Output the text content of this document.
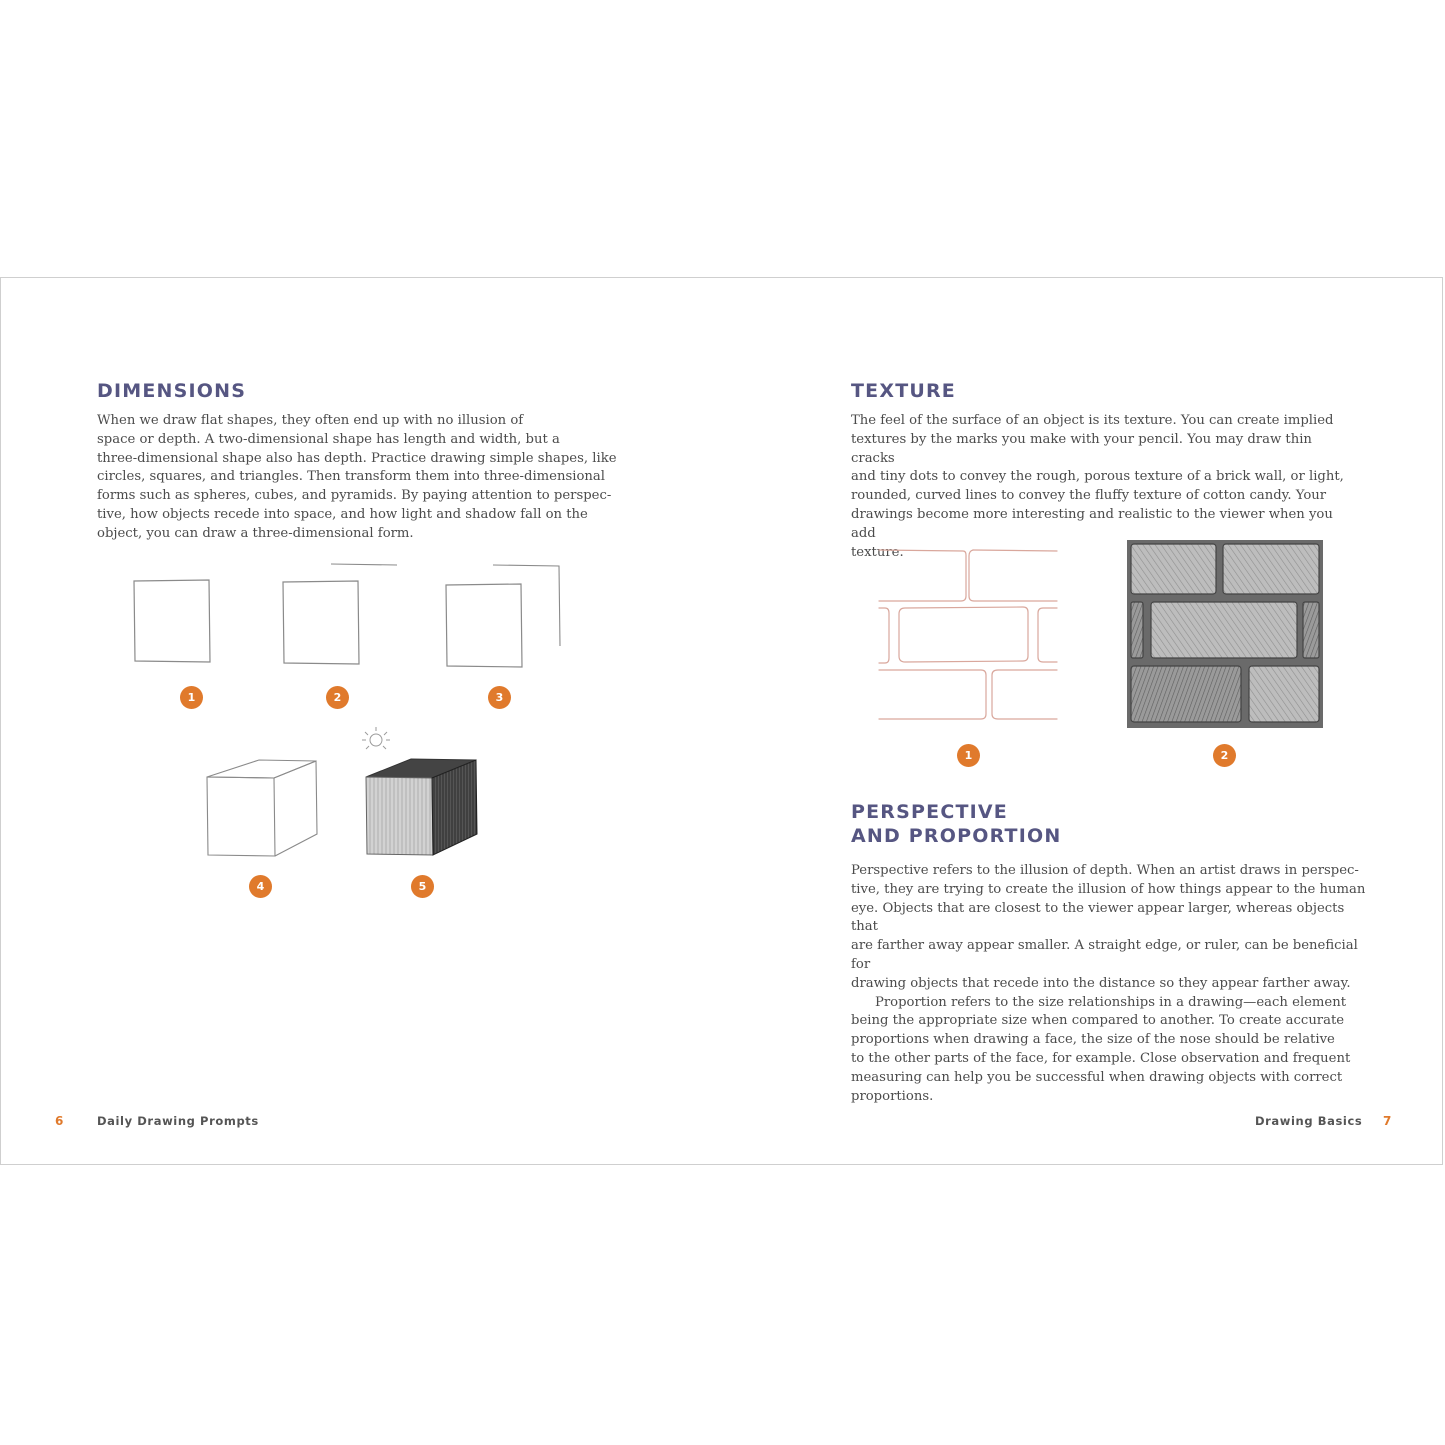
DIMENSIONS

When we draw flat shapes, they often end up with no illusion of

space or depth. A two-dimensional shape has length and width, but a

three-dimensional shape also has depth. Practice drawing simple shapes, like

circles, squares, and triangles. Then transform them into three-dimensional

forms such as spheres, cubes, and pyramids. By paying attention to perspec-

tive, how objects recede into space, and how light and shadow fall on the

object, you can draw a three-dimensional form.

1	2	3
4	5
6	Daily Drawing Prompts
TEXTURE

The feel of the surface of an object is its texture. You can create implied

textures by the marks you make with your pencil. You may draw thin cracks

and tiny dots to convey the rough, porous texture of a brick wall, or light,

rounded, curved lines to convey the fluffy texture of cotton candy. Your

drawings become more interesting and realistic to the viewer when you add

texture.

1	2
PERSPECTIVE
AND PROPORTION

Perspective refers to the illusion of depth. When an artist draws in perspec-

tive, they are trying to create the illusion of how things appear to the human

eye. Objects that are closest to the viewer appear larger, whereas objects that

are farther away appear smaller. A straight edge, or ruler, can be beneficial for

drawing objects that recede into the distance so they appear farther away.

Proportion refers to the size relationships in a drawing—each element

being the appropriate size when compared to another. To create accurate

proportions when drawing a face, the size of the nose should be relative

to the other parts of the face, for example. Close observation and frequent

measuring can help you be successful when drawing objects with correct

proportions.

Drawing Basics 7
